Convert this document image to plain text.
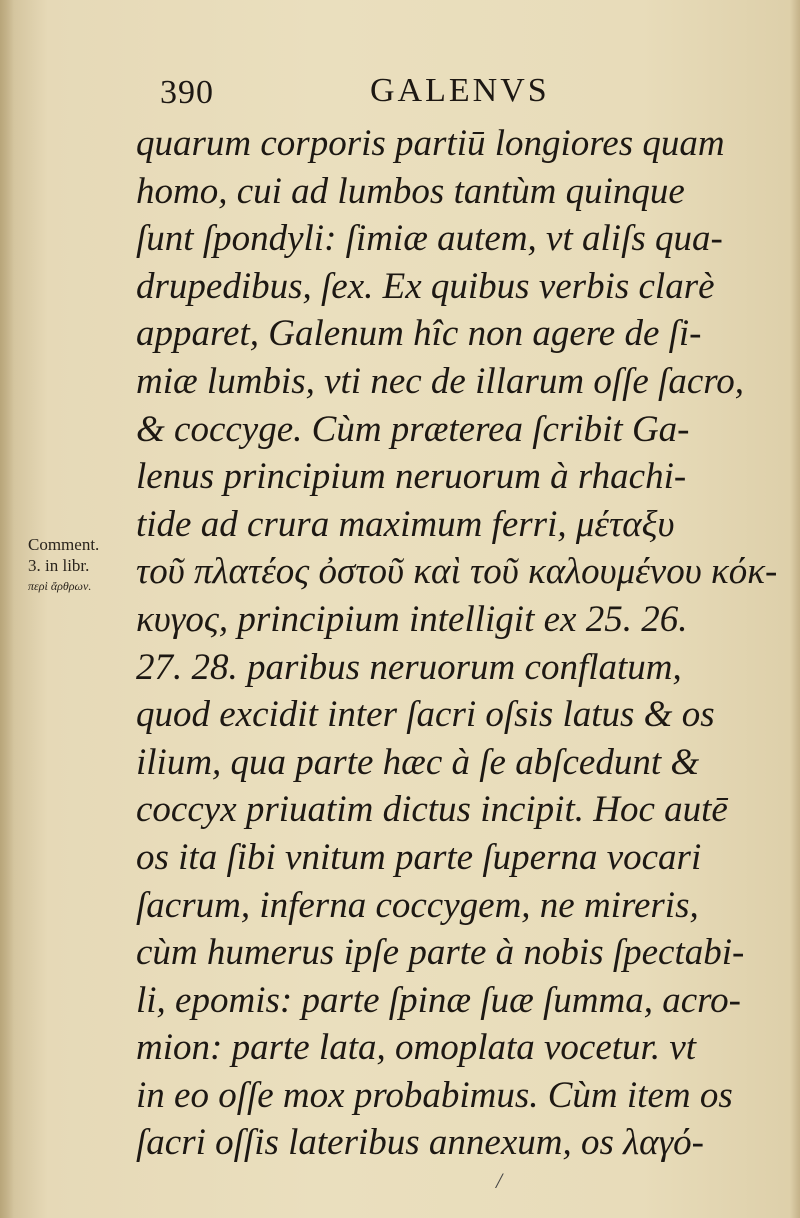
390	GALENVS
Comment.
3. in libr.
περὶ ἄρθρων.
quarum corporis partiū longiores quam
homo, cui ad lumbos tantùm quinque
ſunt ſpondyli: ſimiæ autem, vt aliſs qua-
drupedibus, ſex. Ex quibus verbis clarè
apparet, Galenum hîc non agere de ſi-
miæ lumbis, vti nec de illarum oſſe ſacro,
& coccyge. Cùm præterea ſcribit Ga-
lenus principium neruorum à rhachi-
tide ad crura maximum ferri, μέταξυ
τοῦ πλατέος ὀστοῦ καὶ τοῦ καλουμένου κόκ-
κυγος, principium intelligit ex 25. 26.
27. 28. paribus neruorum conflatum,
quod excidit inter ſacri oſsis latus & os
ilium, qua parte hæc à ſe abſcedunt &
coccyx priuatim dictus incipit. Hoc autē
os ita ſibi vnitum parte ſuperna vocari
ſacrum, inferna coccygem, ne mireris,
cùm humerus ipſe parte à nobis ſpectabi-
li, epomis: parte ſpinæ ſuæ ſumma, acro-
mion: parte lata, omoplata vocetur. vt
in eo oſſe mox probabimus. Cùm item os
ſacri oſſis lateribus annexum, os λαγό-
/
